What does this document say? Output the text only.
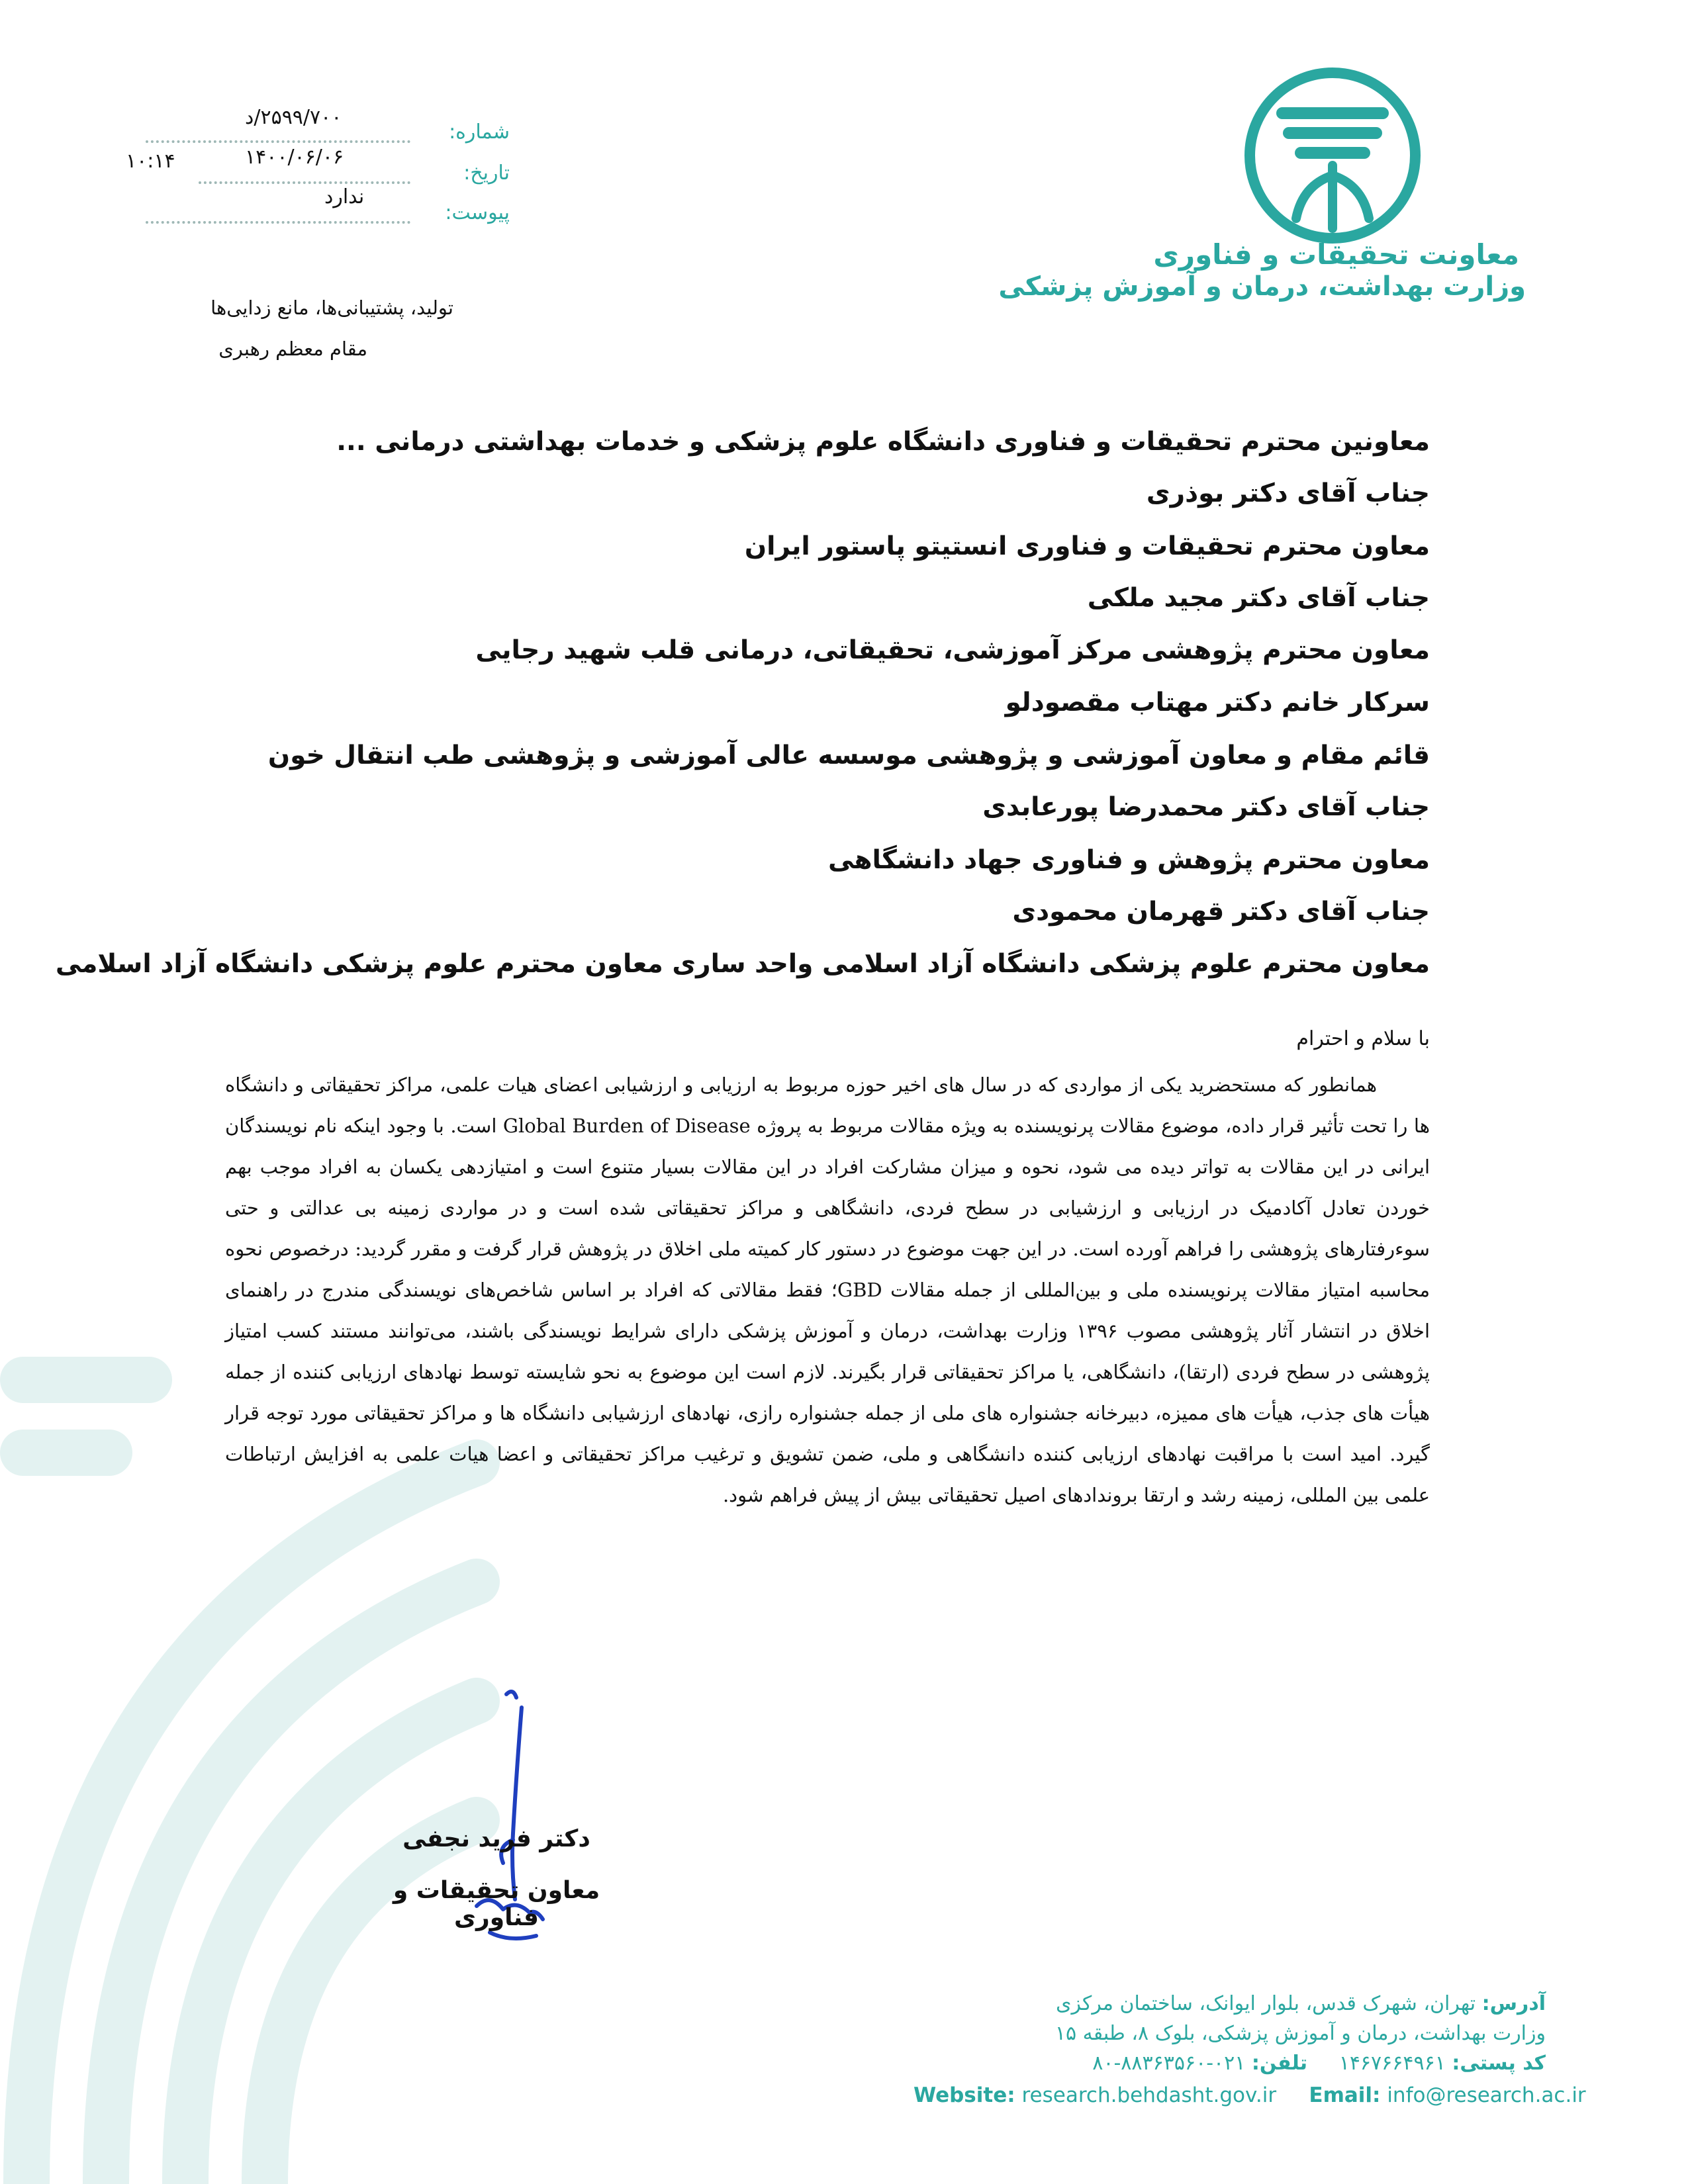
معاونت تحقیقات و فناوری
وزارت بهداشت، درمان و آموزش پزشکی
شماره:
۲۵۹۹/۷۰۰/د
تاریخ:
۱۴۰۰/۰۶/۰۶
۱۰:۱۴
پیوست:
ندارد
تولید، پشتیبانی‌ها، مانع زدایی‌ها
مقام معظم رهبری
معاونین محترم تحقیقات و فناوری دانشگاه علوم پزشکی و خدمات بهداشتی درمانی ...
جناب آقای دکتر بوذری
معاون محترم تحقیقات و فناوری انستیتو پاستور ایران
جناب آقای دکتر مجید ملکی
معاون محترم پژوهشی مرکز آموزشی، تحقیقاتی، درمانی قلب شهید رجایی
سرکار خانم دکتر مهتاب مقصودلو
قائم مقام و معاون آموزشی و پژوهشی موسسه عالی آموزشی و پژوهشی طب انتقال خون
جناب آقای دکتر محمدرضا پورعابدی
معاون محترم پژوهش و فناوری جهاد دانشگاهی
جناب آقای دکتر قهرمان محمودی
معاون محترم علوم پزشکی دانشگاه آزاد اسلامی واحد ساری معاون محترم علوم پزشکی دانشگاه آزاد اسلامی
با سلام و احترام

همانطور که مستحضرید یکی از مواردی که در سال های اخیر حوزه مربوط به ارزیابی و ارزشیابی اعضای هیات علمی، مراکز تحقیقاتی و دانشگاه ها را تحت تأثیر قرار داده، موضوع مقالات پرنویسنده به ویژه مقالات مربوط به پروژه Global Burden of Disease است. با وجود اینکه نام نویسندگان ایرانی در این مقالات به تواتر دیده می شود، نحوه و میزان مشارکت افراد در این مقالات بسیار متنوع است و امتیازدهی یکسان به افراد موجب بهم خوردن تعادل آکادمیک در ارزیابی و ارزشیابی در سطح فردی، دانشگاهی و مراکز تحقیقاتی شده است و در مواردی زمینه بی عدالتی و حتی سوءرفتارهای پژوهشی را فراهم آورده است. در این جهت موضوع در دستور کار کمیته ملی اخلاق در پژوهش قرار گرفت و مقرر گردید: درخصوص نحوه محاسبه امتیاز مقالات پرنویسنده ملی و بین‌المللی از جمله مقالات GBD؛ فقط مقالاتی که افراد بر اساس شاخص‌های نویسندگی مندرج در راهنمای اخلاق در انتشار آثار پژوهشی مصوب ۱۳۹۶ وزارت بهداشت، درمان و آموزش پزشکی دارای شرایط نویسندگی باشند، می‌توانند مستند کسب امتیاز پژوهشی در سطح فردی (ارتقا)، دانشگاهی، یا مراکز تحقیقاتی قرار بگیرند. لازم است این موضوع به نحو شایسته توسط نهادهای ارزیابی کننده از جمله هیأت های جذب، هیأت های ممیزه، دبیرخانه جشنواره های ملی از جمله جشنواره رازی، نهادهای ارزشیابی دانشگاه ها و مراکز تحقیقاتی مورد توجه قرار گیرد. امید است با مراقبت نهادهای ارزیابی کننده دانشگاهی و ملی، ضمن تشویق و ترغیب مراکز تحقیقاتی و اعضا هیات علمی به افزایش ارتباطات علمی بین المللی، زمینه رشد و ارتقا بروندادهای اصیل تحقیقاتی بیش از پیش فراهم شود.

دکتر فرید نجفی
معاون تحقیقات و فناوری
آدرس: تهران، شهرک قدس، بلوار ایوانک، ساختمان مرکزی
وزارت بهداشت، درمان و آموزش پزشکی، بلوک ۸، طبقه ۱۵
کد پستی: ۱۴۶۷۶۶۴۹۶۱     تلفن: ۰۲۱-۸۸۳۶۳۵۶۰-۸۰
Website: research.behdasht.gov.ir Email: info@research.ac.ir
